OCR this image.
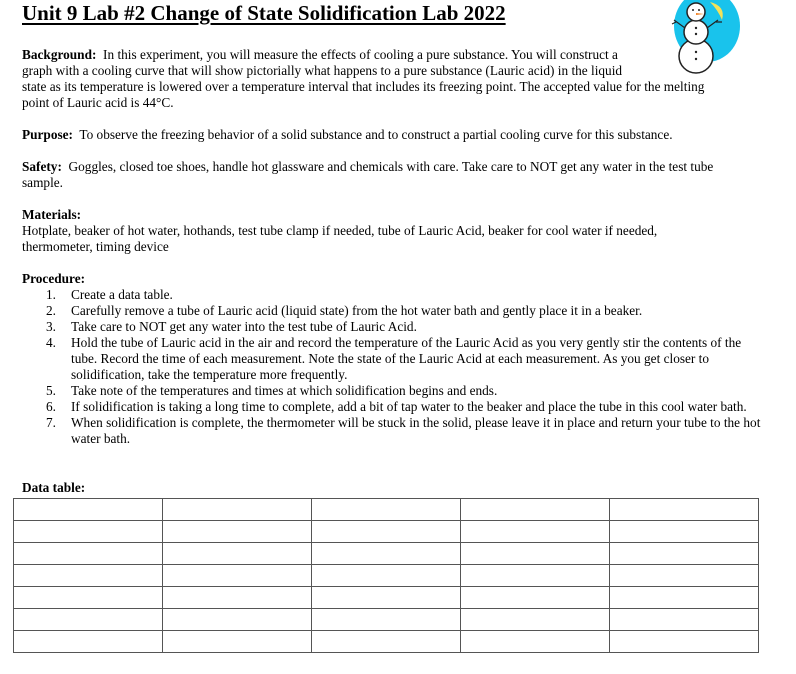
Unit 9 Lab #2 Change of State Solidification Lab 2022
Background: In this experiment, you will measure the effects of cooling a pure substance. You will construct a
graph with a cooling curve that will show pictorially what happens to a pure substance (Lauric acid) in the liquid
state as its temperature is lowered over a temperature interval that includes its freezing point. The accepted value for the melting
point of Lauric acid is 44°C.
Purpose: To observe the freezing behavior of a solid substance and to construct a partial cooling curve for this substance.
Safety: Goggles, closed toe shoes, handle hot glassware and chemicals with care. Take care to NOT get any water in the test tube sample.
Materials:
Hotplate, beaker of hot water, hothands, test tube clamp if needed, tube of Lauric Acid, beaker for cool water if needed, thermometer, timing device
Procedure:
1. Create a data table.
2. Carefully remove a tube of Lauric acid (liquid state) from the hot water bath and gently place it in a beaker.
3. Take care to NOT get any water into the test tube of Lauric Acid.
4. Hold the tube of Lauric acid in the air and record the temperature of the Lauric Acid as you very gently stir the contents of the tube. Record the time of each measurement. Note the state of the Lauric Acid at each measurement. As you get closer to solidification, take the temperature more frequently.
5. Take note of the temperatures and times at which solidification begins and ends.
6. If solidification is taking a long time to complete, add a bit of tap water to the beaker and place the tube in this cool water bath.
7. When solidification is complete, the thermometer will be stuck in the solid, please leave it in place and return your tube to the hot water bath.
Data table:
